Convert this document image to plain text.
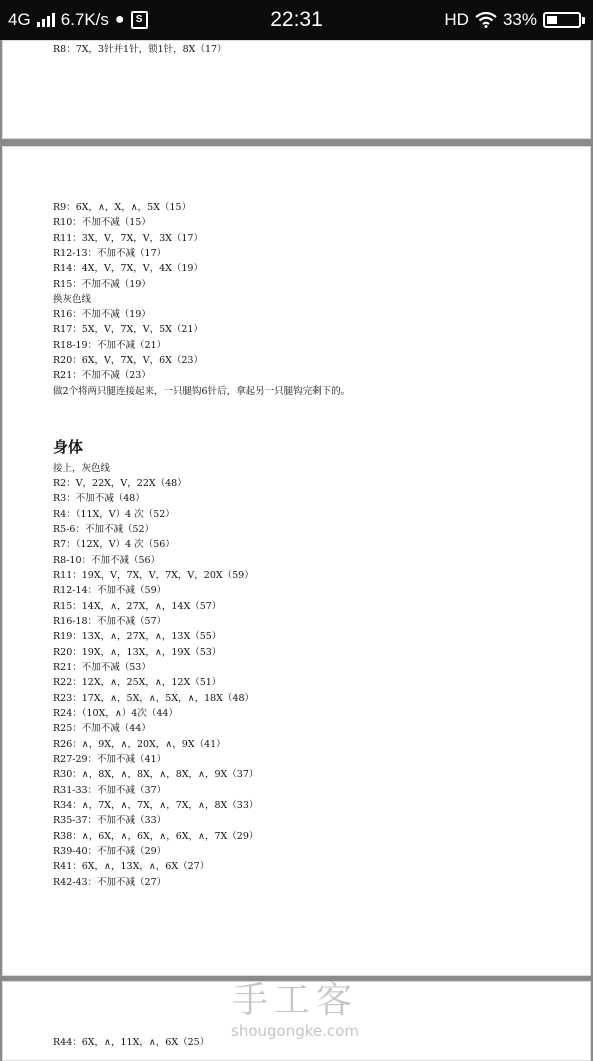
4G 6.7K/s ●	S	22:31	HD 33%
R8：7X，3针并1针，锁1针，8X（17）
R9：6X，∧，X，∧，5X（15）
R10：不加不减（15）
R11：3X，V，7X，V，3X（17）
R12-13：不加不减（17）
R14：4X，V，7X，V，4X（19）
R15：不加不减（19）
换灰色线
R16：不加不减（19）
R17：5X，V，7X，V，5X（21）
R18-19：不加不减（21）
R20：6X，V，7X，V，6X（23）
R21：不加不减（23）
做2个将两只腿连接起来，一只腿钩6针后，拿起另一只腿钩完剩下的。
身体
接上，灰色线
R2：V，22X，V，22X（48）
R3：不加不减（48）
R4：（11X，V）4 次（52）
R5-6：不加不减（52）
R7：（12X，V）4 次（56）
R8-10：不加不减（56）
R11：19X，V，7X，V，7X，V，20X（59）
R12-14：不加不减（59）
R15：14X，∧，27X，∧，14X（57）
R16-18：不加不减（57）
R19：13X，∧，27X，∧，13X（55）
R20：19X，∧，13X，∧，19X（53）
R21：不加不减（53）
R22：12X，∧，25X，∧，12X（51）
R23：17X，∧，5X，∧，5X，∧，18X（48）
R24：（10X，∧）4次（44）
R25：不加不减（44）
R26：∧，9X，∧，20X，∧，9X（41）
R27-29：不加不减（41）
R30：∧，8X，∧，8X，∧，8X，∧，9X（37）
R31-33：不加不减（37）
R34：∧，7X，∧，7X，∧，7X，∧，8X（33）
R35-37：不加不减（33）
R38：∧，6X，∧，6X，∧，6X，∧，7X（29）
R39-40：不加不减（29）
R41：6X，∧，13X，∧，6X（27）
R42-43：不加不减（27）
R44：6X，∧，11X，∧，6X（25）
手工客
shougongke.com
